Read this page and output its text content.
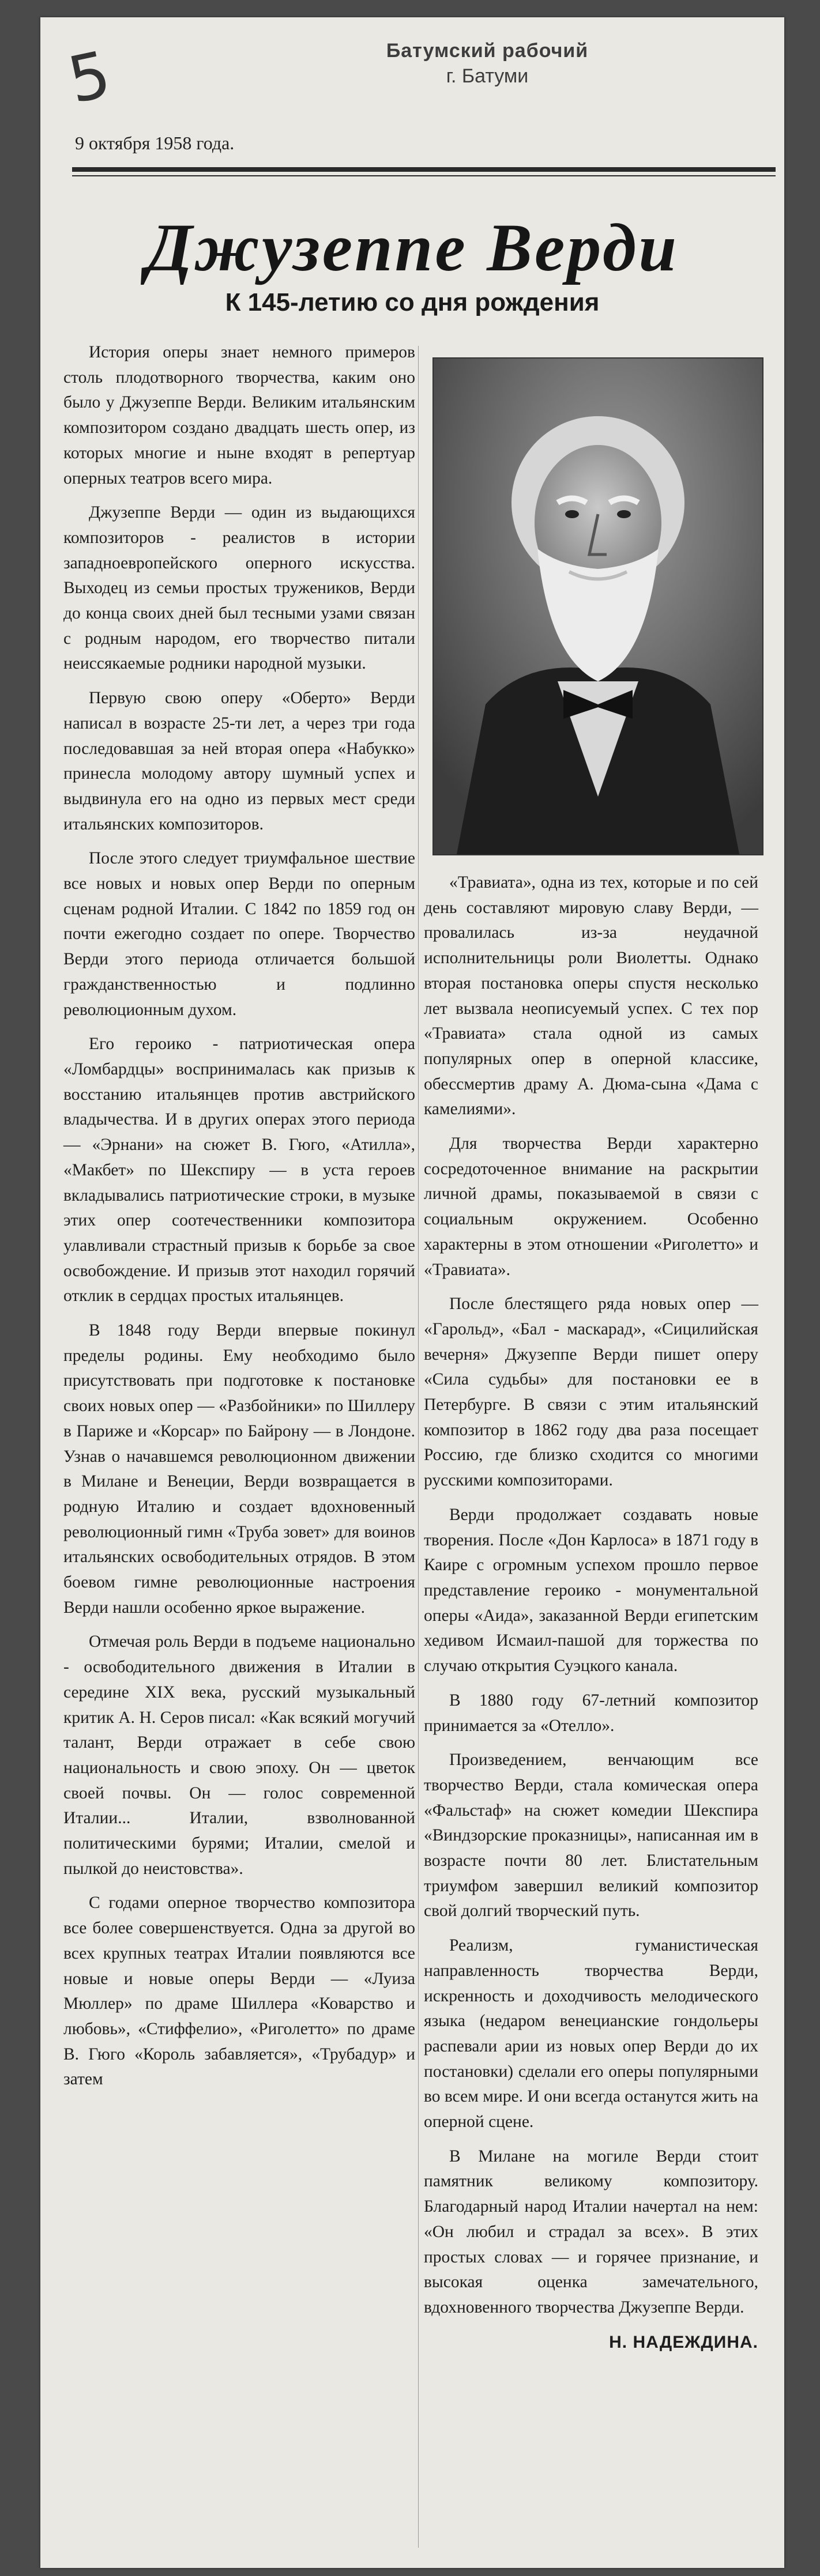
5	Батумский рабочий
г. Батуми
9 октября 1958 года.
Джузеппе Верди
К 145-летию со дня рождения

История оперы знает немного примеров столь плодотворного творчества, каким оно было у Джузеппе Верди. Великим итальянским композитором создано двадцать шесть опер, из которых многие и ныне входят в репертуар оперных театров всего мира.

Джузеппе Верди — один из выдающихся композиторов - реалистов в истории западноевропейского оперного искусства. Выходец из семьи простых тружеников, Верди до конца своих дней был тесными узами связан с родным народом, его творчество питали неиссякаемые родники народной музыки.

Первую свою оперу «Оберто» Верди написал в возрасте 25-ти лет, а через три года последовавшая за ней вторая опера «Набукко» принесла молодому автору шумный успех и выдвинула его на одно из первых мест среди итальянских композиторов.

После этого следует триумфальное шествие все новых и новых опер Верди по оперным сценам родной Италии. С 1842 по 1859 год он почти ежегодно создает по опере. Творчество Верди этого периода отличается большой гражданственностью и подлинно революционным духом.

Его героико - патриотическая опера «Ломбардцы» воспринималась как призыв к восстанию итальянцев против австрийского владычества. И в других операх этого периода— «Эрнани» на сюжет В. Гюго, «Атилла», «Макбет» по Шекспиру — в уста героев вкладывались патриотические строки, в музыке этих опер соотечественники композитора улавливали страстный призыв к борьбе за свое освобождение. И призыв этот находил горячий отклик в сердцах простых итальянцев.

В 1848 году Верди впервые покинул пределы родины. Ему необходимо было присутствовать при подготовке к постановке своих новых опер — «Разбойники» по Шиллеру в Париже и «Корсар» по Байрону — в Лондоне. Узнав о начавшемся революционном движении в Милане и Венеции, Верди возвращается в родную Италию и создает вдохновенный революционный гимн «Труба зовет» для воинов итальянских освободительных отрядов. В этом боевом гимне революционные настроения Верди нашли особенно яркое выражение.

Отмечая роль Верди в подъеме национально - освободительного движения в Италии в середине XIX века, русский музыкальный критик А. Н. Серов писал: «Как всякий могучий талант, Верди отражает в себе свою национальность и свою эпоху. Он — цветок своей почвы. Он — голос современной Италии... Италии, взволнованной политическими бурями; Италии, смелой и пылкой до неистовства».

С годами оперное творчество композитора все более совершенствуется. Одна за другой во всех крупных театрах Италии появляются все новые и новые оперы Верди — «Луиза Мюллер» по драме Шиллера «Коварство и любовь», «Стиффелио», «Риголетто» по драме В. Гюго «Король забавляется», «Трубадур» и затем

«Травиата», одна из тех, которые и по сей день составляют мировую славу Верди, — провалилась из-за неудачной исполнительницы роли Виолетты. Однако вторая постановка оперы спустя несколько лет вызвала неописуемый успех. С тех пор «Травиата» стала одной из самых популярных опер в оперной классике, обессмертив драму А. Дюма-сына «Дама с камелиями».

Для творчества Верди характерно сосредоточенное внимание на раскрытии личной драмы, показываемой в связи с социальным окружением. Особенно характерны в этом отношении «Риголетто» и «Травиата».

После блестящего ряда новых опер — «Гарольд», «Бал - маскарад», «Сицилийская вечерня» Джузеппе Верди пишет оперу «Сила судьбы» для постановки ее в Петербурге. В связи с этим итальянский композитор в 1862 году два раза посещает Россию, где близко сходится со многими русскими композиторами.

Верди продолжает создавать новые творения. После «Дон Карлоса» в 1871 году в Каире с огромным успехом прошло первое представление героико - монументальной оперы «Аида», заказанной Верди египетским хедивом Исмаил-пашой для торжества по случаю открытия Суэцкого канала.

В 1880 году 67-летний композитор принимается за «Отелло».

Произведением, венчающим все творчество Верди, стала комическая опера «Фальстаф» на сюжет комедии Шекспира «Виндзорские проказницы», написанная им в возрасте почти 80 лет. Блистательным триумфом завершил великий композитор свой долгий творческий путь.

Реализм, гуманистическая направленность творчества Верди, искренность и доходчивость мелодического языка (недаром венецианские гондольеры распевали арии из новых опер Верди до их постановки) сделали его оперы популярными во всем мире. И они всегда останутся жить на оперной сцене.

В Милане на могиле Верди стоит памятник великому композитору. Благодарный народ Италии начертал на нем: «Он любил и страдал за всех». В этих простых словах — и горячее признание, и высокая оценка замечательного, вдохновенного творчества Джузеппе Верди.

Н. НАДЕЖДИНА.
